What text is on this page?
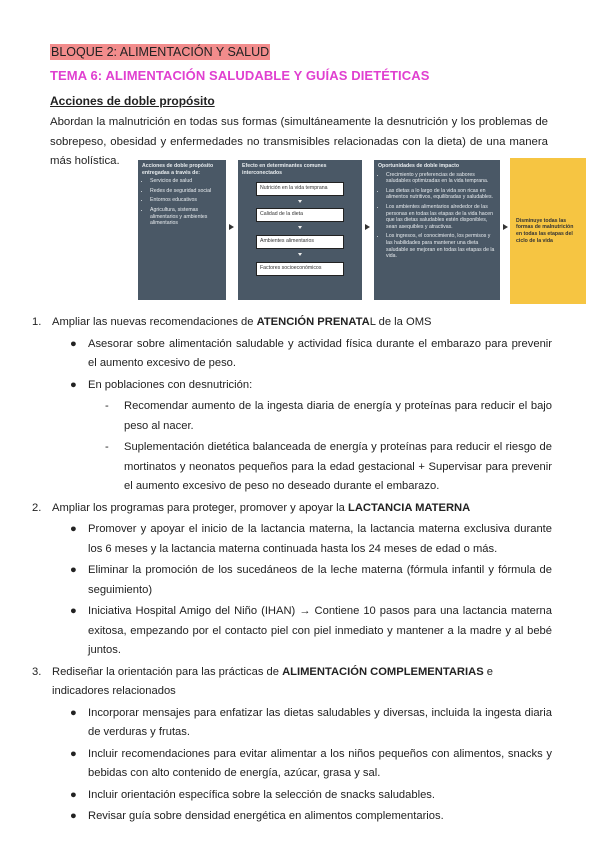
BLOQUE 2: ALIMENTACIÓN Y SALUD
TEMA 6: ALIMENTACIÓN SALUDABLE Y GUÍAS DIETÉTICAS
Acciones de doble propósito
Abordan la malnutrición en todas sus formas (simultáneamente la desnutrición y los problemas de sobrepeso, obesidad y enfermedades no transmisibles relacionadas con la dieta) de una manera más holística.	Acciones de doble propósito entregadas a través de:
• Servicios de salud
• Redes de seguridad social
• Entornos educativos
• Agricultura, sistemas alimentarios y ambientes alimentarios
Efecto en determinantes comunes interconectados
Nutrición en la vida temprana
Calidad de la dieta
Ambientes alimentarios
Factores socioeconómicos
Oportunidades de doble impacto
• Crecimiento y preferencias de sabores saludables optimizadas en la vida temprana.
• Las dietas a lo largo de la vida son ricas en alimentos nutritivos, equilibradas y saludables.
• Los ambientes alimentarios alrededor de las personas en todas las etapas de la vida hacen que las dietas saludables estén disponibles, sean asequibles y atractivas.
• Los ingresos, el conocimiento, los permisos y las habilidades para mantener una dieta saludable se mejoran en todas las etapas de la vida.
Disminuye todas las formas de malnutrición en todas las etapas del ciclo de la vida
1. Ampliar las nuevas recomendaciones de ATENCIÓN PRENATAL de la OMS
● Asesorar sobre alimentación saludable y actividad física durante el embarazo para prevenir el aumento excesivo de peso.
● En poblaciones con desnutrición:
- Recomendar aumento de la ingesta diaria de energía y proteínas para reducir el bajo peso al nacer.
- Suplementación dietética balanceada de energía y proteínas para reducir el riesgo de mortinatos y neonatos pequeños para la edad gestacional + Supervisar para prevenir el aumento excesivo de peso no deseado durante el embarazo.
2. Ampliar los programas para proteger, promover y apoyar la LACTANCIA MATERNA
● Promover y apoyar el inicio de la lactancia materna, la lactancia materna exclusiva durante los 6 meses y la lactancia materna continuada hasta los 24 meses de edad o más.
● Eliminar la promoción de los sucedáneos de la leche materna (fórmula infantil y fórmula de seguimiento)
● Iniciativa Hospital Amigo del Niño (IHAN) → Contiene 10 pasos para una lactancia materna exitosa, empezando por el contacto piel con piel inmediato y mantener a la madre y al bebé juntos.
3. Rediseñar la orientación para las prácticas de ALIMENTACIÓN COMPLEMENTARIAS e indicadores relacionados
● Incorporar mensajes para enfatizar las dietas saludables y diversas, incluida la ingesta diaria de verduras y frutas.
● Incluir recomendaciones para evitar alimentar a los niños pequeños con alimentos, snacks y bebidas con alto contenido de energía, azúcar, grasa y sal.
● Incluir orientación específica sobre la selección de snacks saludables.
● Revisar guía sobre densidad energética en alimentos complementarios.
